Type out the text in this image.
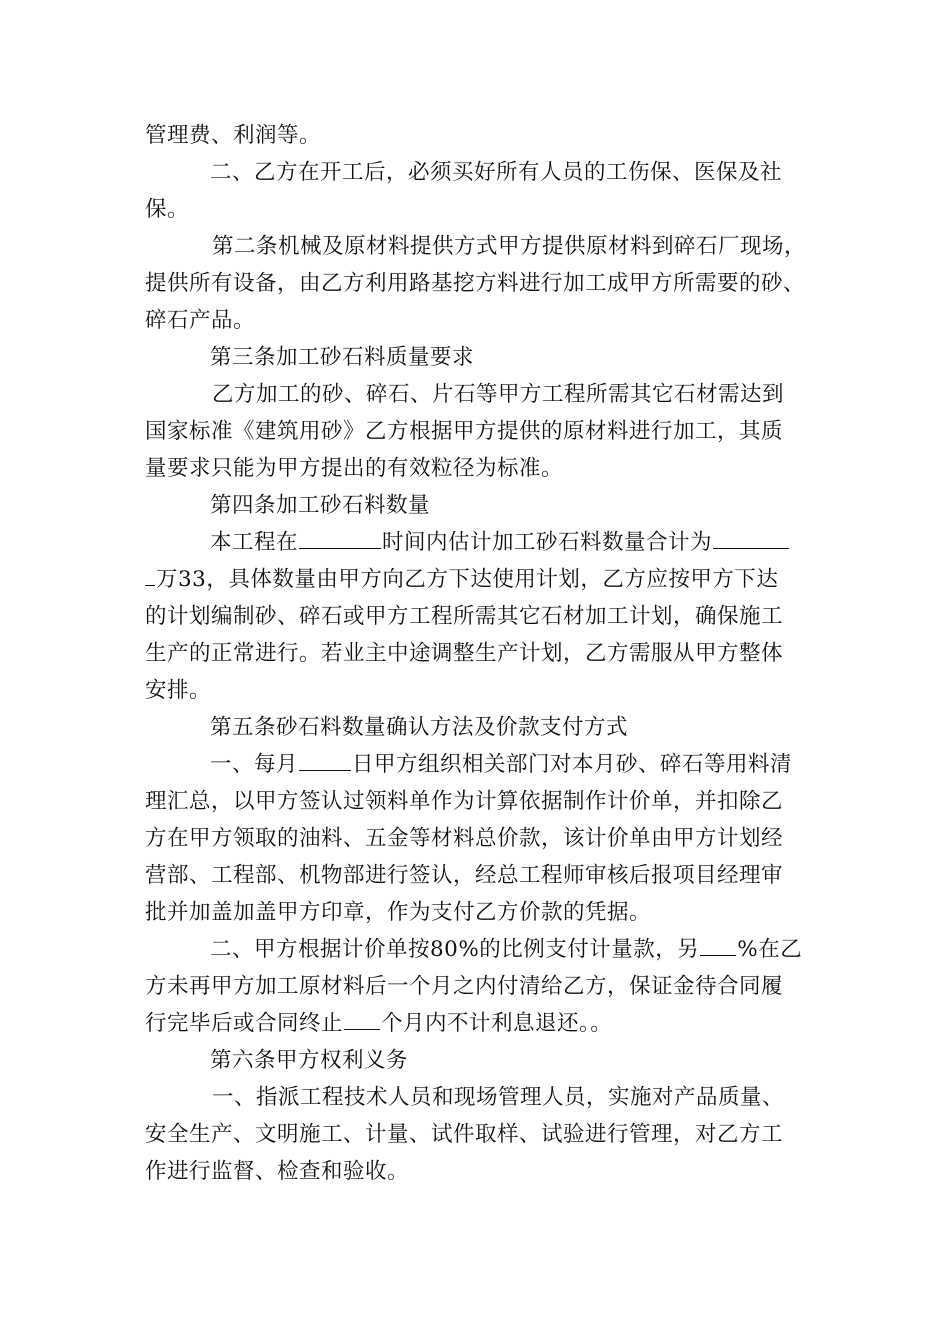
管理费、利润等。
二、乙方在开工后，必须买好所有人员的工伤保、医保及社
保。
第二条机械及原材料提供方式甲方提供原材料到碎石厂现场，
提供所有设备，由乙方利用路基挖方料进行加工成甲方所需要的砂、
碎石产品。
第三条加工砂石料质量要求
乙方加工的砂、碎石、片石等甲方工程所需其它石材需达到
国家标准《建筑用砂》乙方根据甲方提供的原材料进行加工，其质
量要求只能为甲方提出的有效粒径为标准。
第四条加工砂石料数量
本工程在	时间内估计加工砂石料数量合计为
万33，具体数量由甲方向乙方下达使用计划，乙方应按甲方下达
的计划编制砂、碎石或甲方工程所需其它石材加工计划，确保施工
生产的正常进行。若业主中途调整生产计划，乙方需服从甲方整体
安排。
第五条砂石料数量确认方法及价款支付方式
一、每月	日甲方组织相关部门对本月砂、碎石等用料清
理汇总，以甲方签认过领料单作为计算依据制作计价单，并扣除乙
方在甲方领取的油料、五金等材料总价款，该计价单由甲方计划经
营部、工程部、机物部进行签认，经总工程师审核后报项目经理审
批并加盖加盖甲方印章，作为支付乙方价款的凭据。
二、甲方根据计价单按80%的比例支付计量款，另 %在乙
方未再甲方加工原材料后一个月之内付清给乙方，保证金待合同履
行完毕后或合同终止 个月内不计利息退还。。
第六条甲方权利义务
一、指派工程技术人员和现场管理人员，实施对产品质量、
安全生产、文明施工、计量、试件取样、试验进行管理，对乙方工
作进行监督、检查和验收。
